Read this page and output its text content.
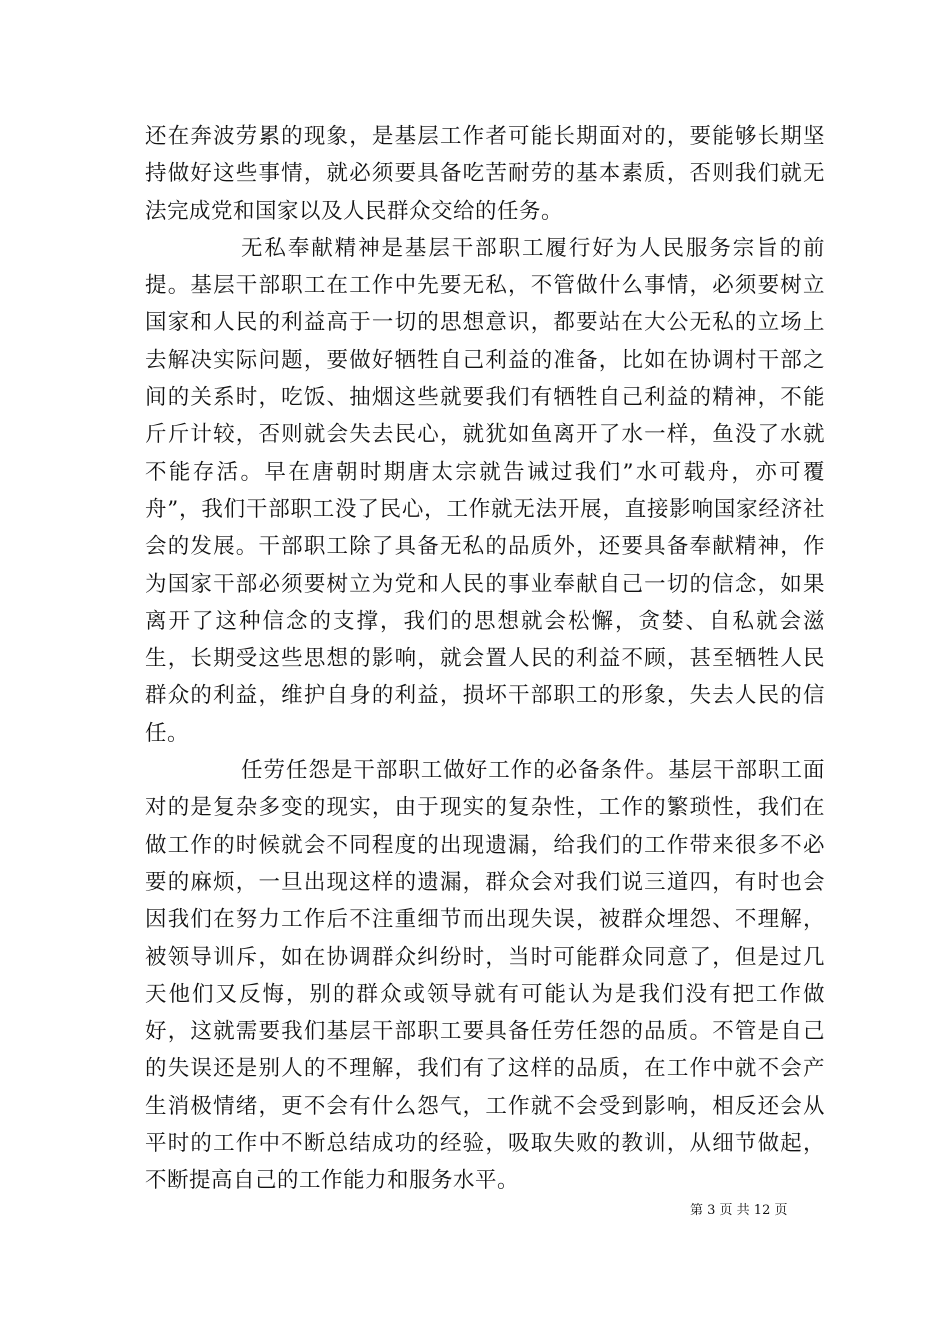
还在奔波劳累的现象，是基层工作者可能长期面对的，要能够长期坚持做好这些事情，就必须要具备吃苦耐劳的基本素质，否则我们就无法完成党和国家以及人民群众交给的任务。

无私奉献精神是基层干部职工履行好为人民服务宗旨的前提。基层干部职工在工作中先要无私，不管做什么事情，必须要树立国家和人民的利益高于一切的思想意识，都要站在大公无私的立场上去解决实际问题，要做好牺牲自己利益的准备，比如在协调村干部之间的关系时，吃饭、抽烟这些就要我们有牺牲自己利益的精神，不能斤斤计较，否则就会失去民心，就犹如鱼离开了水一样，鱼没了水就不能存活。早在唐朝时期唐太宗就告诫过我们”水可载舟，亦可覆舟”，我们干部职工没了民心，工作就无法开展，直接影响国家经济社会的发展。干部职工除了具备无私的品质外，还要具备奉献精神，作为国家干部必须要树立为党和人民的事业奉献自己一切的信念，如果离开了这种信念的支撑，我们的思想就会松懈，贪婪、自私就会滋生，长期受这些思想的影响，就会置人民的利益不顾，甚至牺牲人民群众的利益，维护自身的利益，损坏干部职工的形象，失去人民的信任。

任劳任怨是干部职工做好工作的必备条件。基层干部职工面对的是复杂多变的现实，由于现实的复杂性，工作的繁琐性，我们在做工作的时候就会不同程度的出现遗漏，给我们的工作带来很多不必要的麻烦，一旦出现这样的遗漏，群众会对我们说三道四，有时也会因我们在努力工作后不注重细节而出现失误，被群众埋怨、不理解，被领导训斥，如在协调群众纠纷时，当时可能群众同意了，但是过几天他们又反悔，别的群众或领导就有可能认为是我们没有把工作做好，这就需要我们基层干部职工要具备任劳任怨的品质。不管是自己的失误还是别人的不理解，我们有了这样的品质，在工作中就不会产生消极情绪，更不会有什么怨气，工作就不会受到影响，相反还会从平时的工作中不断总结成功的经验，吸取失败的教训，从细节做起，不断提高自己的工作能力和服务水平。

第 3 页 共 12 页
